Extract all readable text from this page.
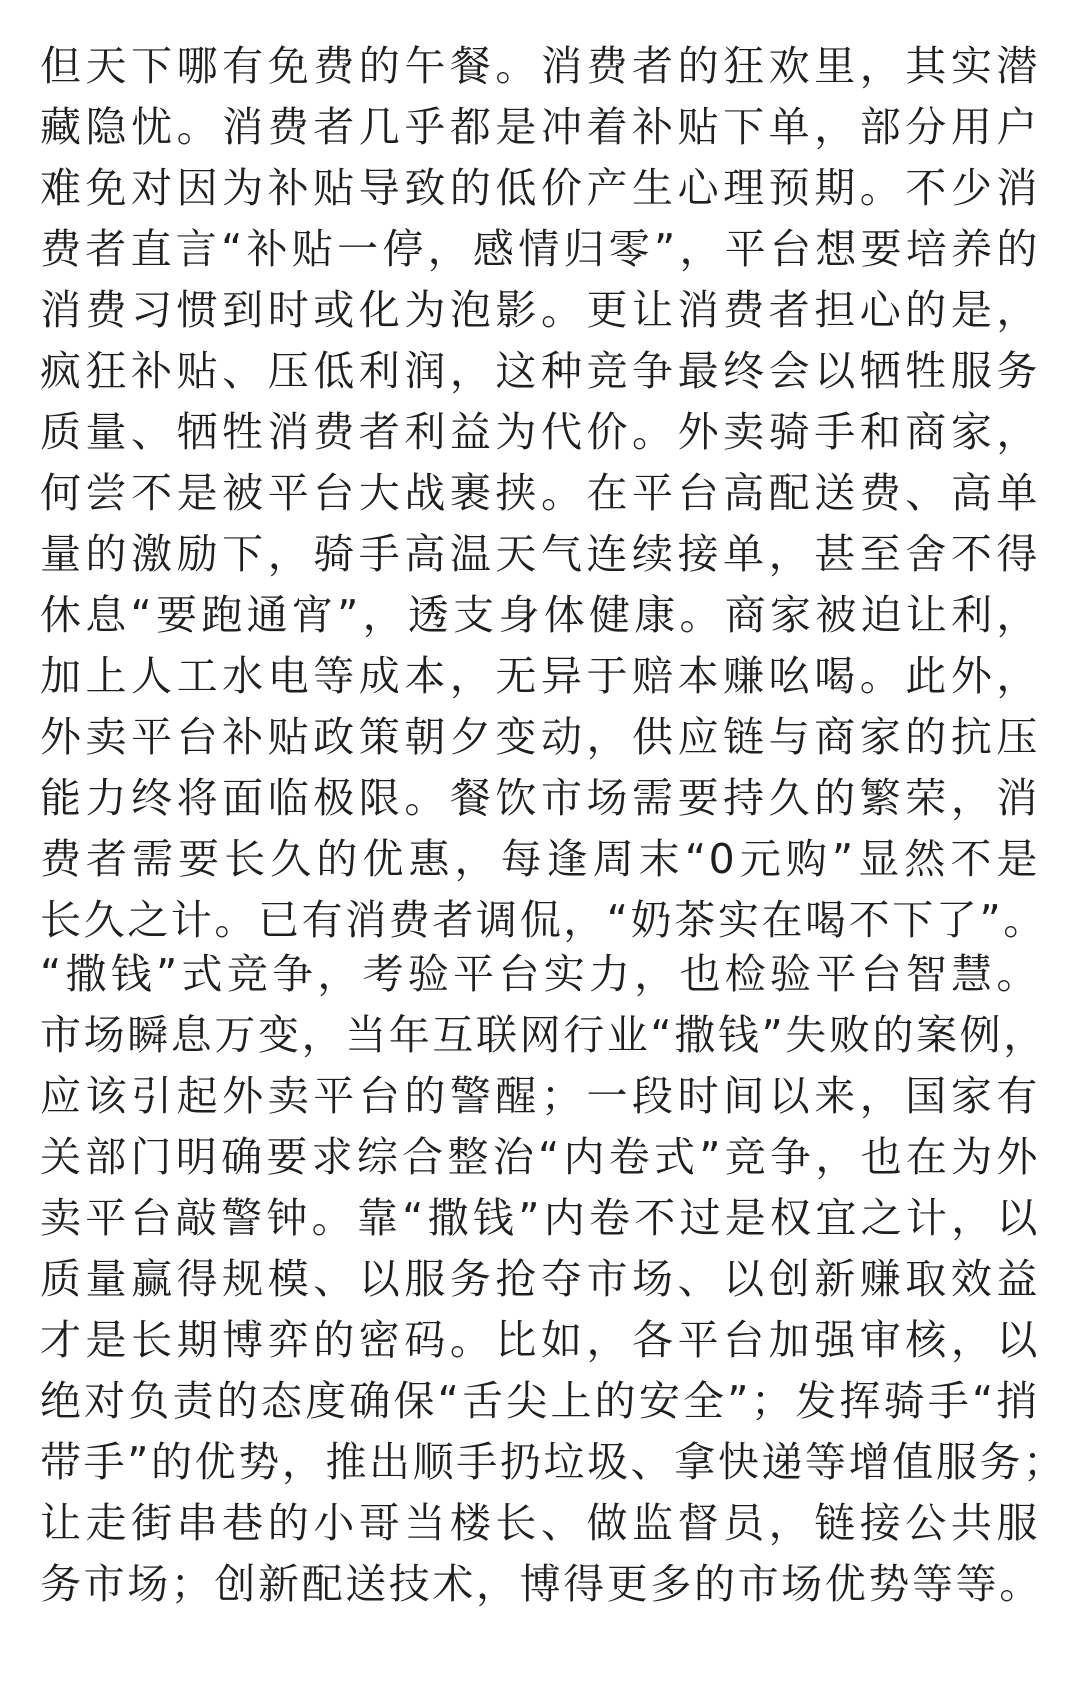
但天下哪有免费的午餐。消费者的狂欢里，其实潜
藏隐忧。消费者几乎都是冲着补贴下单，部分用户
难免对因为补贴导致的低价产生心理预期。不少消
费者直言“补贴一停，感情归零”，平台想要培养的
消费习惯到时或化为泡影。更让消费者担心的是，
疯狂补贴、压低利润，这种竞争最终会以牺牲服务
质量、牺牲消费者利益为代价。外卖骑手和商家，
何尝不是被平台大战裹挟。在平台高配送费、高单
量的激励下，骑手高温天气连续接单，甚至舍不得
休息“要跑通宵”，透支身体健康。商家被迫让利，
加上人工水电等成本，无异于赔本赚吆喝。此外，
外卖平台补贴政策朝夕变动，供应链与商家的抗压
能力终将面临极限。餐饮市场需要持久的繁荣，消
费者需要长久的优惠，每逢周末“0元购”显然不是
长久之计。已有消费者调侃，“奶茶实在喝不下了”。
“撒钱”式竞争，考验平台实力，也检验平台智慧。
市场瞬息万变，当年互联网行业“撒钱”失败的案例，
应该引起外卖平台的警醒；一段时间以来，国家有
关部门明确要求综合整治“内卷式”竞争，也在为外
卖平台敲警钟。靠“撒钱”内卷不过是权宜之计，以
质量赢得规模、以服务抢夺市场、以创新赚取效益
才是长期博弈的密码。比如，各平台加强审核，以
绝对负责的态度确保“舌尖上的安全”；发挥骑手“捎
带手”的优势，推出顺手扔垃圾、拿快递等增值服务；
让走街串巷的小哥当楼长、做监督员，链接公共服
务市场；创新配送技术，博得更多的市场优势等等。
